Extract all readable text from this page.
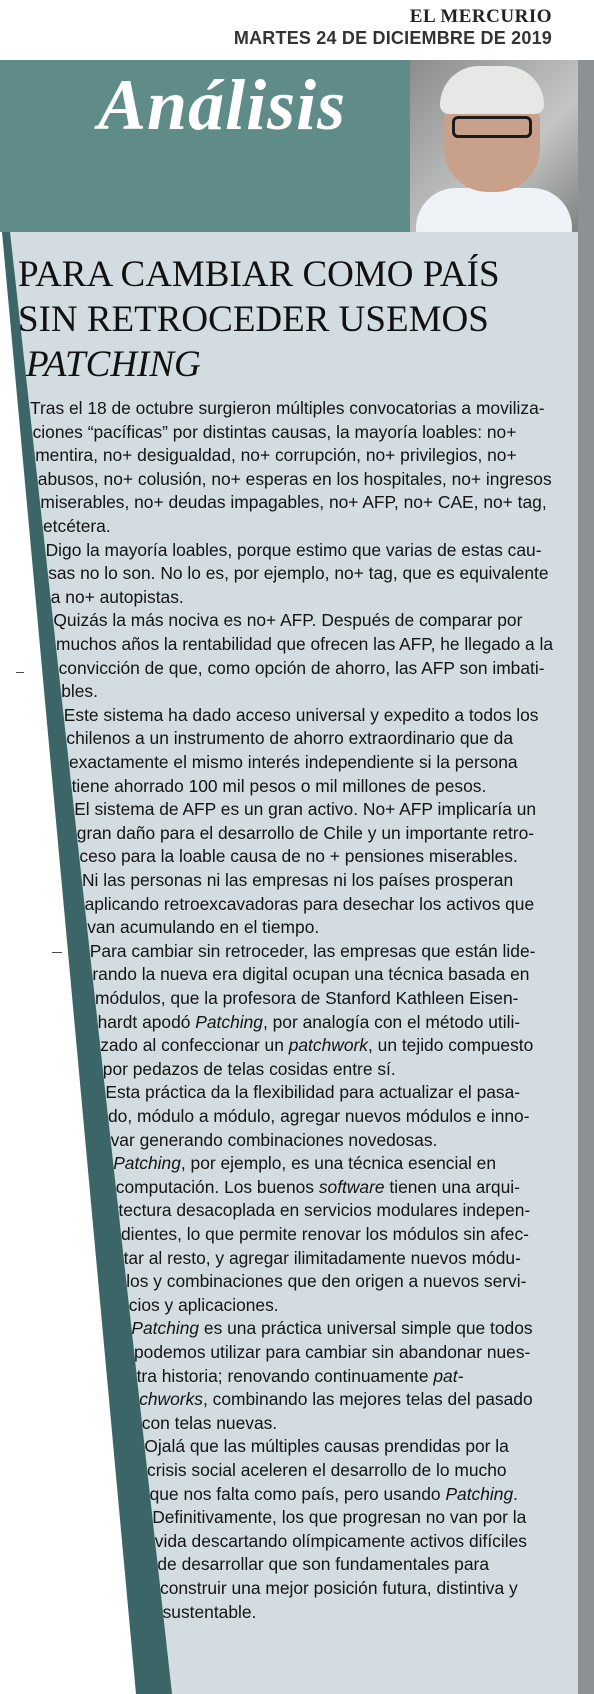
EL MERCURIO
MARTES 24 DE DICIEMBRE DE 2019
Análisis
PARA CAMBIAR COMO PAÍS
SIN RETROCEDER USEMOS
PATCHING
Tras el 18 de octubre surgieron múltiples convocatorias a moviliza-
ciones “pacíficas” por distintas causas, la mayoría loables: no+
mentira, no+ desigualdad, no+ corrupción, no+ privilegios, no+
abusos, no+ colusión, no+ esperas en los hospitales, no+ ingresos
miserables, no+ deudas impagables, no+ AFP, no+ CAE, no+ tag,
etcétera.
Digo la mayoría loables, porque estimo que varias de estas cau-
sas no lo son. No lo es, por ejemplo, no+ tag, que es equivalente
a no+ autopistas.
Quizás la más nociva es no+ AFP. Después de comparar por
muchos años la rentabilidad que ofrecen las AFP, he llegado a la
convicción de que, como opción de ahorro, las AFP son imbati-
bles.
Este sistema ha dado acceso universal y expedito a todos los
chilenos a un instrumento de ahorro extraordinario que da
exactamente el mismo interés independiente si la persona
tiene ahorrado 100 mil pesos o mil millones de pesos.
El sistema de AFP es un gran activo. No+ AFP implicaría un
gran daño para el desarrollo de Chile y un importante retro-
ceso para la loable causa de no + pensiones miserables.
Ni las personas ni las empresas ni los países prosperan
aplicando retroexcavadoras para desechar los activos que
van acumulando en el tiempo.
Para cambiar sin retroceder, las empresas que están lide-
rando la nueva era digital ocupan una técnica basada en
módulos, que la profesora de Stanford Kathleen Eisen-
hardt apodó Patching, por analogía con el método utili-
zado al confeccionar un patchwork, un tejido compuesto
por pedazos de telas cosidas entre sí.
Esta práctica da la flexibilidad para actualizar el pasa-
do, módulo a módulo, agregar nuevos módulos e inno-
var generando combinaciones novedosas.
Patching, por ejemplo, es una técnica esencial en
computación. Los buenos software tienen una arqui-
tectura desacoplada en servicios modulares indepen-
dientes, lo que permite renovar los módulos sin afec-
tar al resto, y agregar ilimitadamente nuevos módu-
los y combinaciones que den origen a nuevos servi-
cios y aplicaciones.
Patching es una práctica universal simple que todos
podemos utilizar para cambiar sin abandonar nues-
tra historia; renovando continuamente pat-
chworks, combinando las mejores telas del pasado
con telas nuevas.
Ojalá que las múltiples causas prendidas por la
crisis social aceleren el desarrollo de lo mucho
que nos falta como país, pero usando Patching.
Definitivamente, los que progresan no van por la
vida descartando olímpicamente activos difíciles
de desarrollar que son fundamentales para
construir una mejor posición futura, distintiva y
sustentable.
